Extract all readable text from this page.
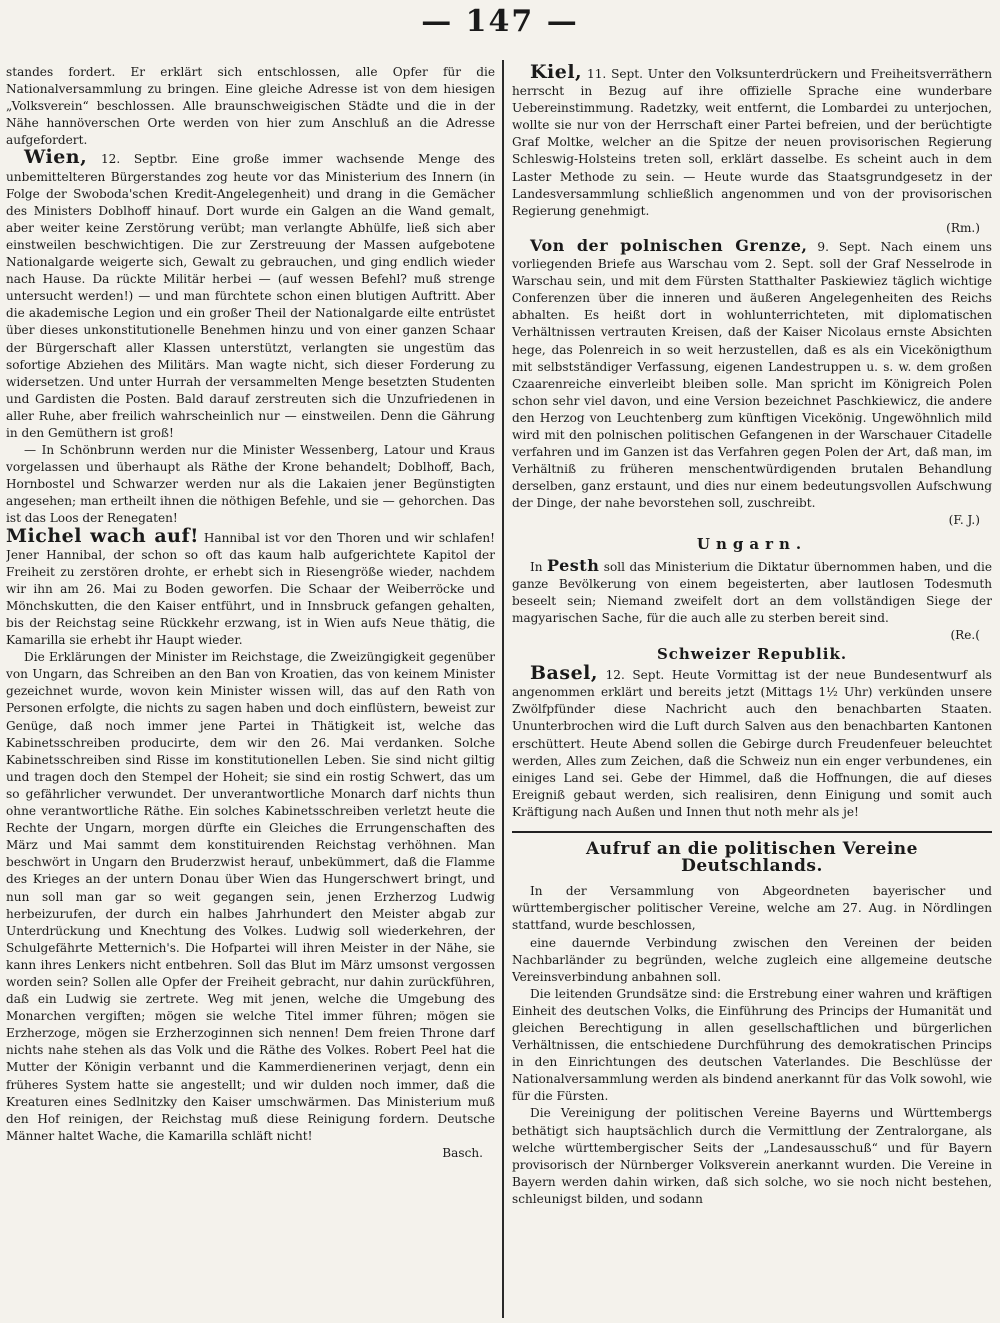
— 147 —

standes fordert. Er erklärt sich entschlossen, alle Opfer für die Nationalversammlung zu bringen. Eine gleiche Adresse ist von dem hiesigen „Volksverein“ beschlossen. Alle braunschweigischen Städte und die in der Nähe hannöverschen Orte werden von hier zum Anschluß an die Adresse aufgefordert.

Wien, 12. Septbr. Eine große immer wachsende Menge des unbemittelteren Bürgerstandes zog heute vor das Ministerium des Innern (in Folge der Swoboda'schen Kredit-Angelegenheit) und drang in die Gemächer des Ministers Doblhoff hinauf. Dort wurde ein Galgen an die Wand gemalt, aber weiter keine Zerstörung verübt; man verlangte Abhülfe, ließ sich aber einstweilen beschwichtigen. Die zur Zerstreuung der Massen aufgebotene Nationalgarde weigerte sich, Gewalt zu gebrauchen, und ging endlich wieder nach Hause. Da rückte Militär herbei — (auf wessen Befehl? muß strenge untersucht werden!) — und man fürchtete schon einen blutigen Auftritt. Aber die akademische Legion und ein großer Theil der Nationalgarde eilte entrüstet über dieses unkonstitutionelle Benehmen hinzu und von einer ganzen Schaar der Bürgerschaft aller Klassen unterstützt, verlangten sie ungestüm das sofortige Abziehen des Militärs. Man wagte nicht, sich dieser Forderung zu widersetzen. Und unter Hurrah der versammelten Menge besetzten Studenten und Gardisten die Posten. Bald darauf zerstreuten sich die Unzufriedenen in aller Ruhe, aber freilich wahrscheinlich nur — einstweilen. Denn die Gährung in den Gemüthern ist groß!

— In Schönbrunn werden nur die Minister Wessenberg, Latour und Kraus vorgelassen und überhaupt als Räthe der Krone behandelt; Doblhoff, Bach, Hornbostel und Schwarzer werden nur als die Lakaien jener Begünstigten angesehen; man ertheilt ihnen die nöthigen Befehle, und sie — gehorchen. Das ist das Loos der Renegaten!

Michel wach auf! Hannibal ist vor den Thoren und wir schlafen! Jener Hannibal, der schon so oft das kaum halb aufgerichtete Kapitol der Freiheit zu zerstören drohte, er erhebt sich in Riesengröße wieder, nachdem wir ihn am 26. Mai zu Boden geworfen. Die Schaar der Weiberröcke und Mönchskutten, die den Kaiser entführt, und in Innsbruck gefangen gehalten, bis der Reichstag seine Rückkehr erzwang, ist in Wien aufs Neue thätig, die Kamarilla sie erhebt ihr Haupt wieder.

Die Erklärungen der Minister im Reichstage, die Zweizüngigkeit gegenüber von Ungarn, das Schreiben an den Ban von Kroatien, das von keinem Minister gezeichnet wurde, wovon kein Minister wissen will, das auf den Rath von Personen erfolgte, die nichts zu sagen haben und doch einflüstern, beweist zur Genüge, daß noch immer jene Partei in Thätigkeit ist, welche das Kabinetsschreiben producirte, dem wir den 26. Mai verdanken. Solche Kabinetsschreiben sind Risse im konstitutionellen Leben. Sie sind nicht giltig und tragen doch den Stempel der Hoheit; sie sind ein rostig Schwert, das um so gefährlicher verwundet. Der unverantwortliche Monarch darf nichts thun ohne verantwortliche Räthe. Ein solches Kabinetsschreiben verletzt heute die Rechte der Ungarn, morgen dürfte ein Gleiches die Errungenschaften des März und Mai sammt dem konstituirenden Reichstag verhöhnen. Man beschwört in Ungarn den Bruderzwist herauf, unbekümmert, daß die Flamme des Krieges an der untern Donau über Wien das Hungerschwert bringt, und nun soll man gar so weit gegangen sein, jenen Erzherzog Ludwig herbeizurufen, der durch ein halbes Jahrhundert den Meister abgab zur Unterdrückung und Knechtung des Volkes. Ludwig soll wiederkehren, der Schulgefährte Metternich's. Die Hofpartei will ihren Meister in der Nähe, sie kann ihres Lenkers nicht entbehren. Soll das Blut im März umsonst vergossen worden sein? Sollen alle Opfer der Freiheit gebracht, nur dahin zurückführen, daß ein Ludwig sie zertrete. Weg mit jenen, welche die Umgebung des Monarchen vergiften; mögen sie welche Titel immer führen; mögen sie Erzherzoge, mögen sie Erzherzoginnen sich nennen! Dem freien Throne darf nichts nahe stehen als das Volk und die Räthe des Volkes. Robert Peel hat die Mutter der Königin verbannt und die Kammerdienerinen verjagt, denn ein früheres System hatte sie angestellt; und wir dulden noch immer, daß die Kreaturen eines Sedlnitzky den Kaiser umschwärmen. Das Ministerium muß den Hof reinigen, der Reichstag muß diese Reinigung fordern. Deutsche Männer haltet Wache, die Kamarilla schläft nicht!

Basch.

Kiel, 11. Sept. Unter den Volksunterdrückern und Freiheitsverräthern herrscht in Bezug auf ihre offizielle Sprache eine wunderbare Uebereinstimmung. Radetzky, weit entfernt, die Lombardei zu unterjochen, wollte sie nur von der Herrschaft einer Partei befreien, und der berüchtigte Graf Moltke, welcher an die Spitze der neuen provisorischen Regierung Schleswig-Holsteins treten soll, erklärt dasselbe. Es scheint auch in dem Laster Methode zu sein. — Heute wurde das Staatsgrundgesetz in der Landesversammlung schließlich angenommen und von der provisorischen Regierung genehmigt.

(Rm.)

Von der polnischen Grenze, 9. Sept. Nach einem uns vorliegenden Briefe aus Warschau vom 2. Sept. soll der Graf Nesselrode in Warschau sein, und mit dem Fürsten Statthalter Paskiewiez täglich wichtige Conferenzen über die inneren und äußeren Angelegenheiten des Reichs abhalten. Es heißt dort in wohlunterrichteten, mit diplomatischen Verhältnissen vertrauten Kreisen, daß der Kaiser Nicolaus ernste Absichten hege, das Polenreich in so weit herzustellen, daß es als ein Vicekönigthum mit selbstständiger Verfassung, eigenen Landestruppen u. s. w. dem großen Czaarenreiche einverleibt bleiben solle. Man spricht im Königreich Polen schon sehr viel davon, und eine Version bezeichnet Paschkiewicz, die andere den Herzog von Leuchtenberg zum künftigen Vicekönig. Ungewöhnlich mild wird mit den polnischen politischen Gefangenen in der Warschauer Citadelle verfahren und im Ganzen ist das Verfahren gegen Polen der Art, daß man, im Verhältniß zu früheren menschentwürdigenden brutalen Behandlung derselben, ganz erstaunt, und dies nur einem bedeutungsvollen Aufschwung der Dinge, der nahe bevorstehen soll, zuschreibt.

(F. J.)

Ungarn.

In Pesth soll das Ministerium die Diktatur übernommen haben, und die ganze Bevölkerung von einem begeisterten, aber lautlosen Todesmuth beseelt sein; Niemand zweifelt dort an dem vollständigen Siege der magyarischen Sache, für die auch alle zu sterben bereit sind.

(Re.(

Schweizer Republik.

Basel, 12. Sept. Heute Vormittag ist der neue Bundesentwurf als angenommen erklärt und bereits jetzt (Mittags 1½ Uhr) verkünden unsere Zwölfpfünder diese Nachricht auch den benachbarten Staaten. Ununterbrochen wird die Luft durch Salven aus den benachbarten Kantonen erschüttert. Heute Abend sollen die Gebirge durch Freudenfeuer beleuchtet werden, Alles zum Zeichen, daß die Schweiz nun ein enger verbundenes, ein einiges Land sei. Gebe der Himmel, daß die Hoffnungen, die auf dieses Ereigniß gebaut werden, sich realisiren, denn Einigung und somit auch Kräftigung nach Außen und Innen thut noth mehr als je!

Aufruf an die politischen Vereine Deutschlands.

In der Versammlung von Abgeordneten bayerischer und württembergischer politischer Vereine, welche am 27. Aug. in Nördlingen stattfand, wurde beschlossen,

eine dauernde Verbindung zwischen den Vereinen der beiden Nachbarländer zu begründen, welche zugleich eine allgemeine deutsche Vereinsverbindung anbahnen soll.

Die leitenden Grundsätze sind: die Erstrebung einer wahren und kräftigen Einheit des deutschen Volks, die Einführung des Princips der Humanität und gleichen Berechtigung in allen gesellschaftlichen und bürgerlichen Verhältnissen, die entschiedene Durchführung des demokratischen Princips in den Einrichtungen des deutschen Vaterlandes. Die Beschlüsse der Nationalversammlung werden als bindend anerkannt für das Volk sowohl, wie für die Fürsten.

Die Vereinigung der politischen Vereine Bayerns und Württembergs bethätigt sich hauptsächlich durch die Vermittlung der Zentralorgane, als welche württembergischer Seits der „Landesausschuß“ und für Bayern provisorisch der Nürnberger Volksverein anerkannt wurden. Die Vereine in Bayern werden dahin wirken, daß sich solche, wo sie noch nicht bestehen, schleunigst bilden, und sodann
